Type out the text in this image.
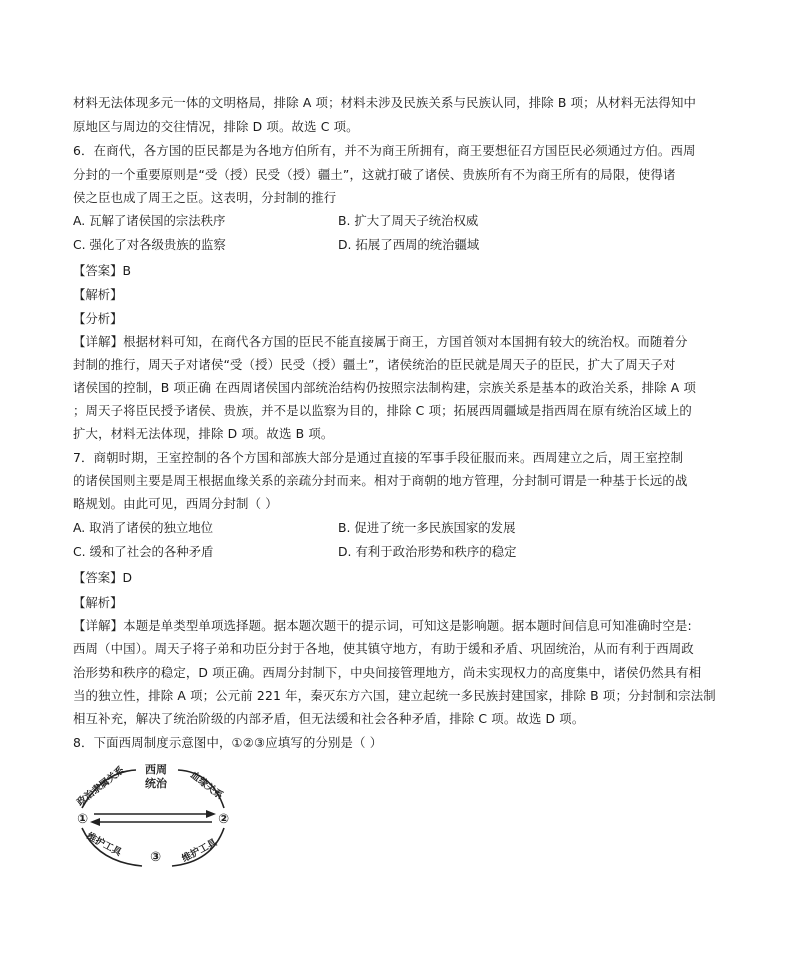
材料无法体现多元一体的文明格局，排除 A 项；材料未涉及民族关系与民族认同，排除 B 项；从材料无法得知中
原地区与周边的交往情况，排除 D 项。故选 C 项。
6．在商代，各方国的臣民都是为各地方伯所有，并不为商王所拥有，商王要想征召方国臣民必须通过方伯。西周
分封的一个重要原则是“受（授）民受（授）疆土”，这就打破了诸侯、贵族所有不为商王所有的局限，使得诸
侯之臣也成了周王之臣。这表明，分封制的推行
A. 瓦解了诸侯国的宗法秩序	B. 扩大了周天子统治权威
C. 强化了对各级贵族的监察	D. 拓展了西周的统治疆域
【答案】B
【解析】
【分析】
【详解】根据材料可知，在商代各方国的臣民不能直接属于商王，方国首领对本国拥有较大的统治权。而随着分
封制的推行，周天子对诸侯“受（授）民受（授）疆土”，诸侯统治的臣民就是周天子的臣民，扩大了周天子对
诸侯国的控制，B 项正确 在西周诸侯国内部统治结构仍按照宗法制构建，宗族关系是基本的政治关系，排除 A 项
；周天子将臣民授予诸侯、贵族，并不是以监察为目的，排除 C 项；拓展西周疆域是指西周在原有统治区域上的
扩大，材料无法体现，排除 D 项。故选 B 项。
7．商朝时期，王室控制的各个方国和部族大部分是通过直接的军事手段征服而来。西周建立之后，周王室控制
的诸侯国则主要是周王根据血缘关系的亲疏分封而来。相对于商朝的地方管理，分封制可谓是一种基于长远的战
略规划。由此可见，西周分封制（ ）
A. 取消了诸侯的独立地位	B. 促进了统一多民族国家的发展
C. 缓和了社会的各种矛盾	D. 有利于政治形势和秩序的稳定
【答案】D
【解析】
【详解】本题是单类型单项选择题。据本题次题干的提示词，可知这是影响题。据本题时间信息可知准确时空是:
西周（中国）。周天子将子弟和功臣分封于各地，使其镇守地方，有助于缓和矛盾、巩固统治，从而有利于西周政
治形势和秩序的稳定，D 项正确。西周分封制下，中央间接管理地方，尚未实现权力的高度集中，诸侯仍然具有相
当的独立性，排除 A 项；公元前 221 年，秦灭东方六国，建立起统一多民族封建国家，排除 B 项；分封制和宗法制
相互补充，解决了统治阶级的内部矛盾，但无法缓和社会各种矛盾，排除 C 项。故选 D 项。
8．下面西周制度示意图中，①②③应填写的分别是（ ）
西周
统治
政治隶属关系	血缘关系
维护工具	维护工具
①	②
③
